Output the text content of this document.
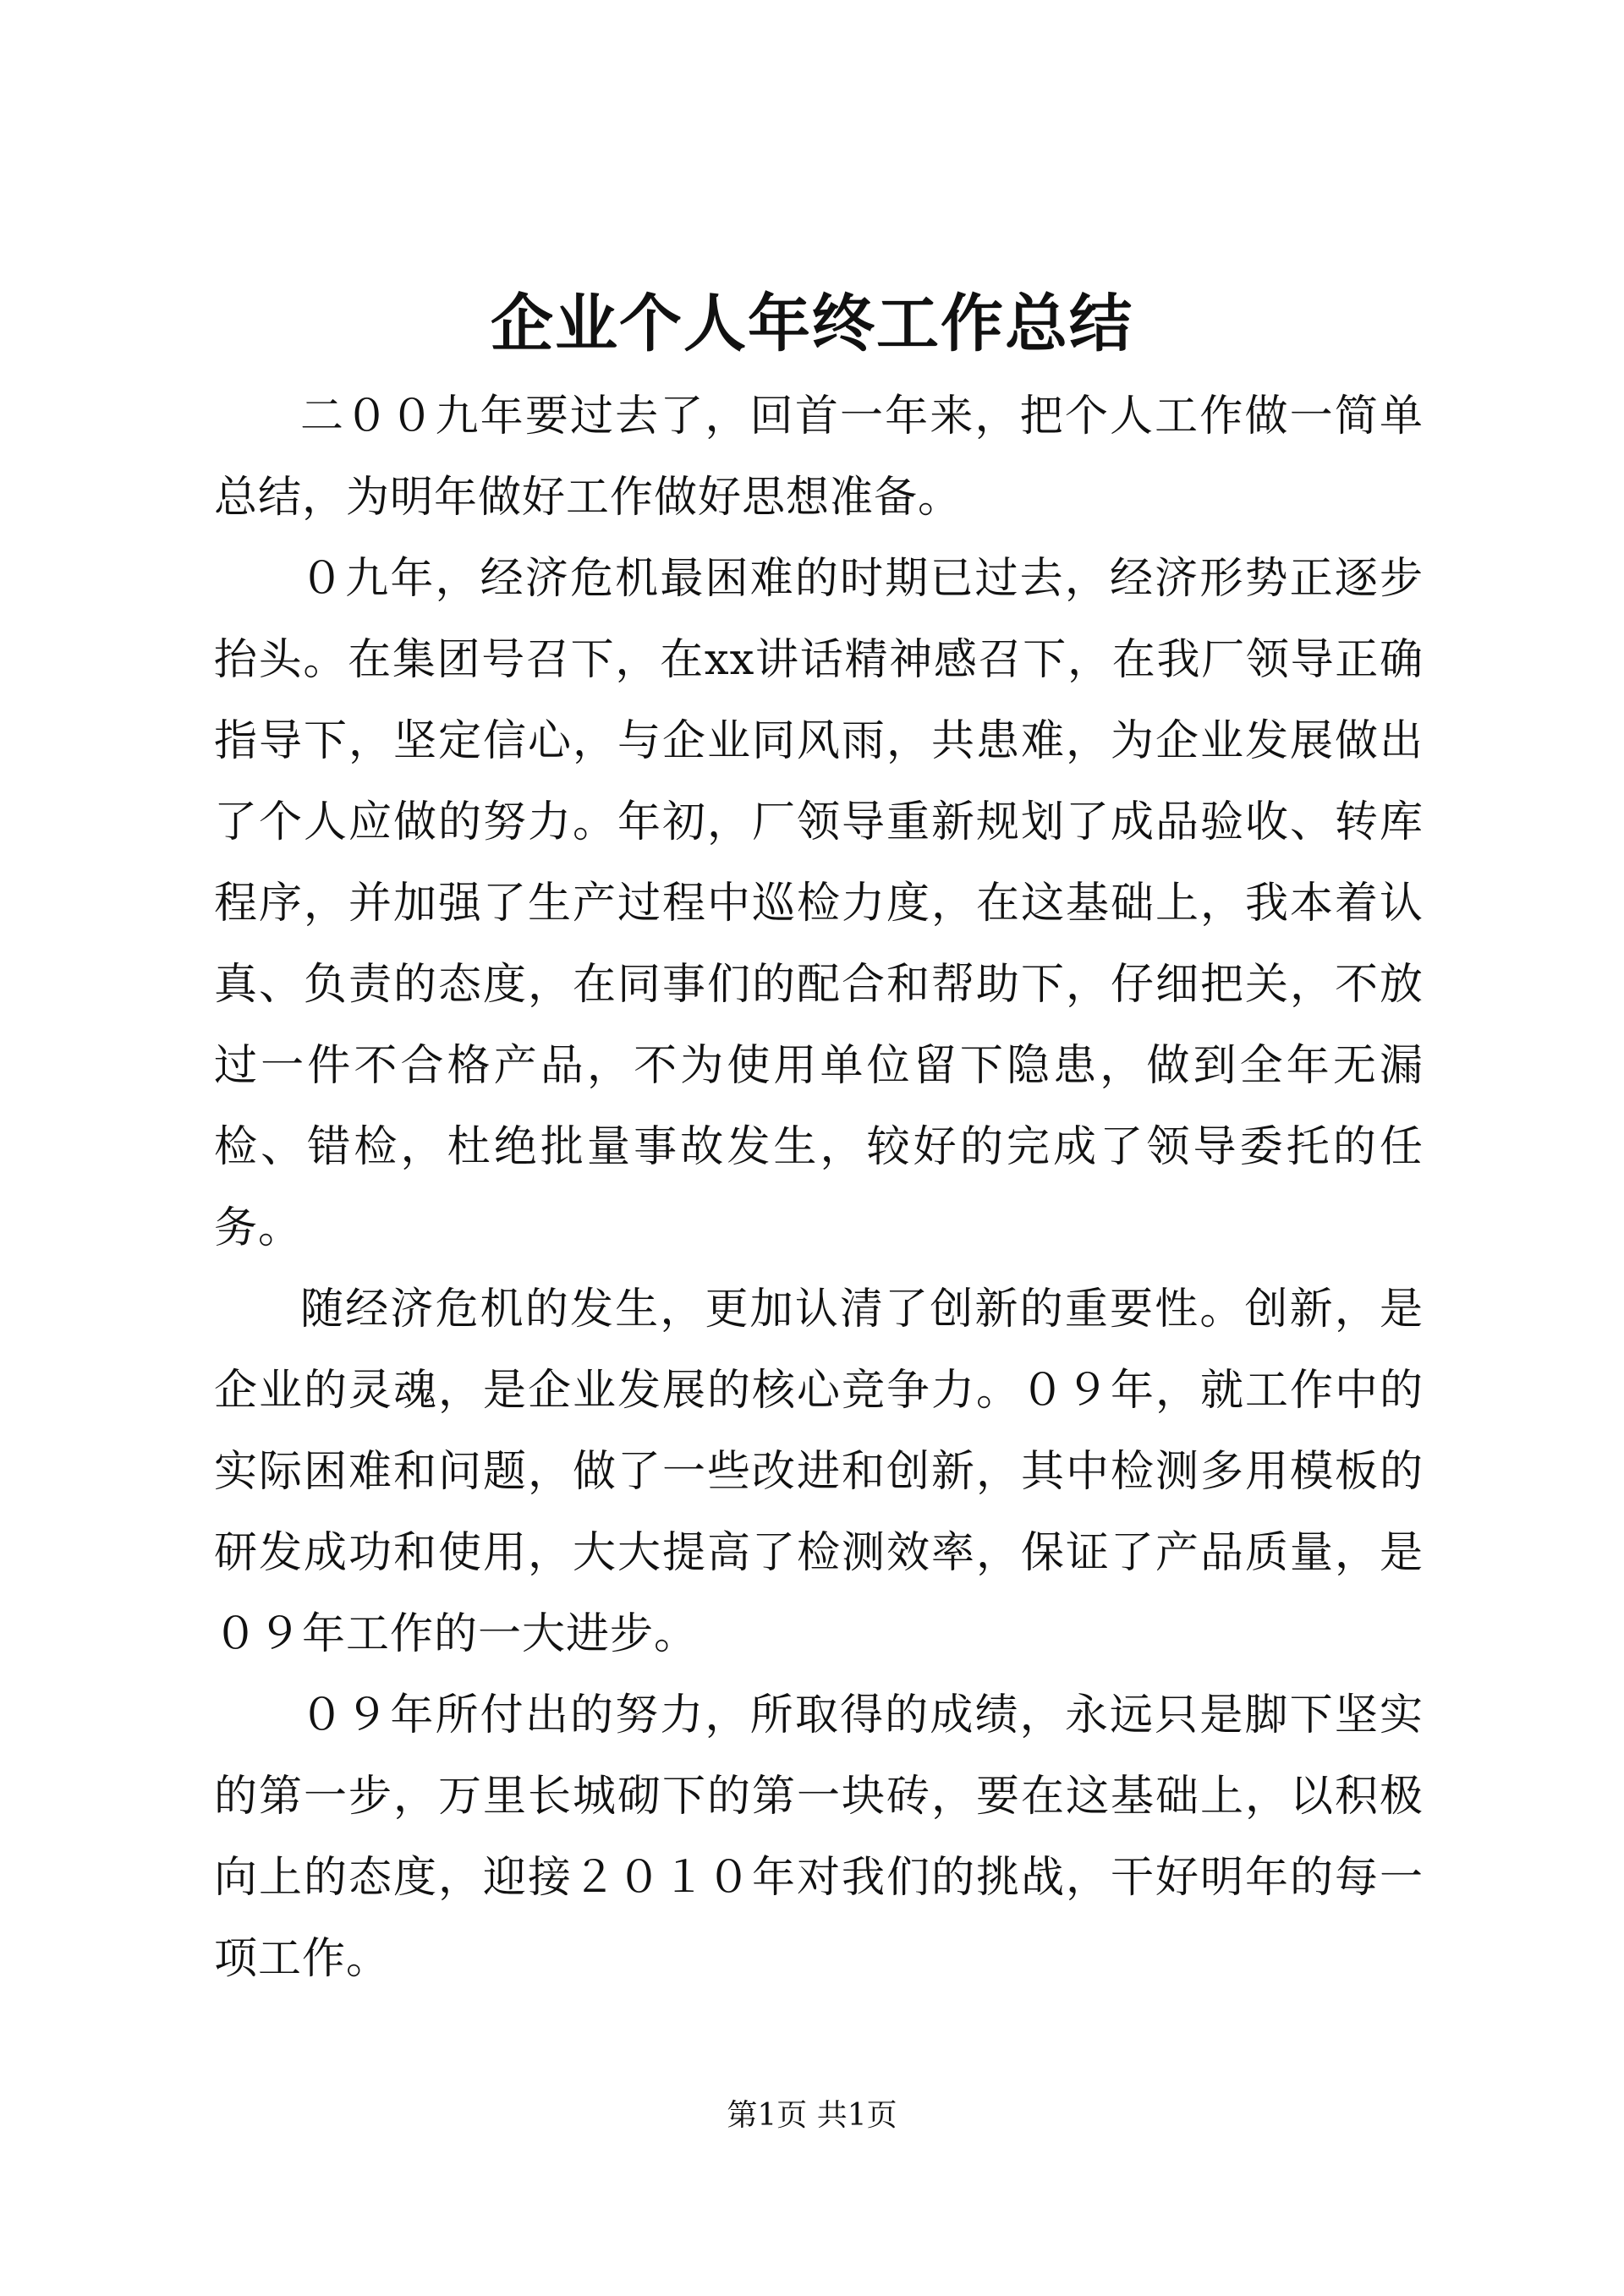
企业个人年终工作总结

二００九年要过去了，回首一年来，把个人工作做一简单总结，为明年做好工作做好思想准备。

０九年，经济危机最困难的时期已过去，经济形势正逐步抬头。在集团号召下，在xx讲话精神感召下，在我厂领导正确指导下，坚定信心，与企业同风雨，共患难，为企业发展做出了个人应做的努力。年初，厂领导重新规划了成品验收、转库程序，并加强了生产过程中巡检力度，在这基础上，我本着认真、负责的态度，在同事们的配合和帮助下，仔细把关，不放过一件不合格产品，不为使用单位留下隐患，做到全年无漏检、错检，杜绝批量事故发生，较好的完成了领导委托的任务。

随经济危机的发生，更加认清了创新的重要性。创新，是企业的灵魂，是企业发展的核心竞争力。０９年，就工作中的实际困难和问题，做了一些改进和创新，其中检测多用模板的研发成功和使用，大大提高了检测效率，保证了产品质量，是０９年工作的一大进步。

０９年所付出的努力，所取得的成绩，永远只是脚下坚实的第一步，万里长城砌下的第一块砖，要在这基础上，以积极向上的态度，迎接２０１０年对我们的挑战，干好明年的每一项工作。

第1页 共1页
